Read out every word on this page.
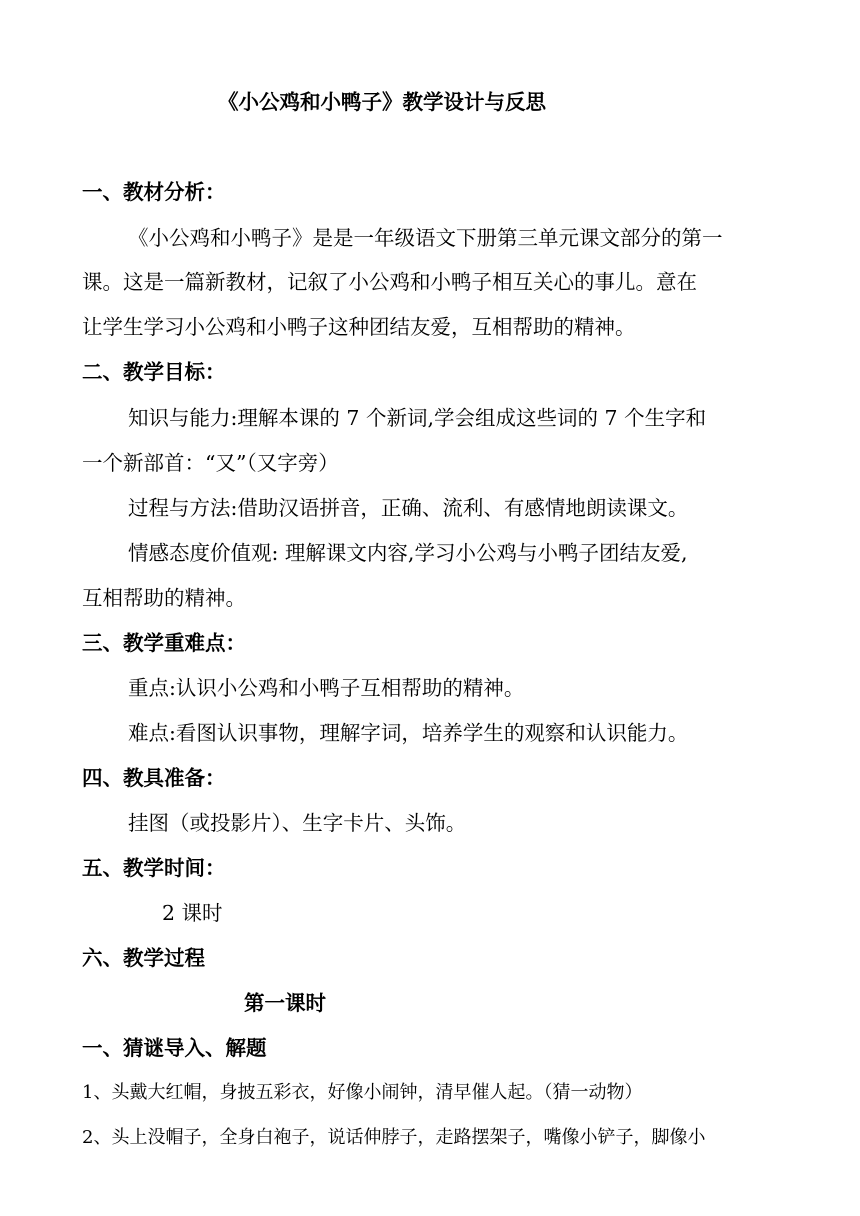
《小公鸡和小鸭子》教学设计与反思
一、教材分析：
《小公鸡和小鸭子》是是一年级语文下册第三单元课文部分的第一
课。这是一篇新教材，记叙了小公鸡和小鸭子相互关心的事儿。意在
让学生学习小公鸡和小鸭子这种团结友爱，互相帮助的精神。
二、教学目标：
知识与能力:理解本课的 7 个新词,学会组成这些词的 7 个生字和
一个新部首：“又”（又字旁）
过程与方法:借助汉语拼音，正确、流利、有感情地朗读课文。
情感态度价值观: 理解课文内容,学习小公鸡与小鸭子团结友爱,
互相帮助的精神。
三、教学重难点：
重点:认识小公鸡和小鸭子互相帮助的精神。
难点:看图认识事物，理解字词，培养学生的观察和认识能力。
四、教具准备：
挂图（或投影片）、生字卡片、头饰。
五、教学时间：
2 课时
六、教学过程
第一课时
一、猜谜导入、解题
1、头戴大红帽，身披五彩衣，好像小闹钟，清早催人起。（猜一动物）
2、头上没帽子，全身白袍子，说话伸脖子，走路摆架子，嘴像小铲子，脚像小
